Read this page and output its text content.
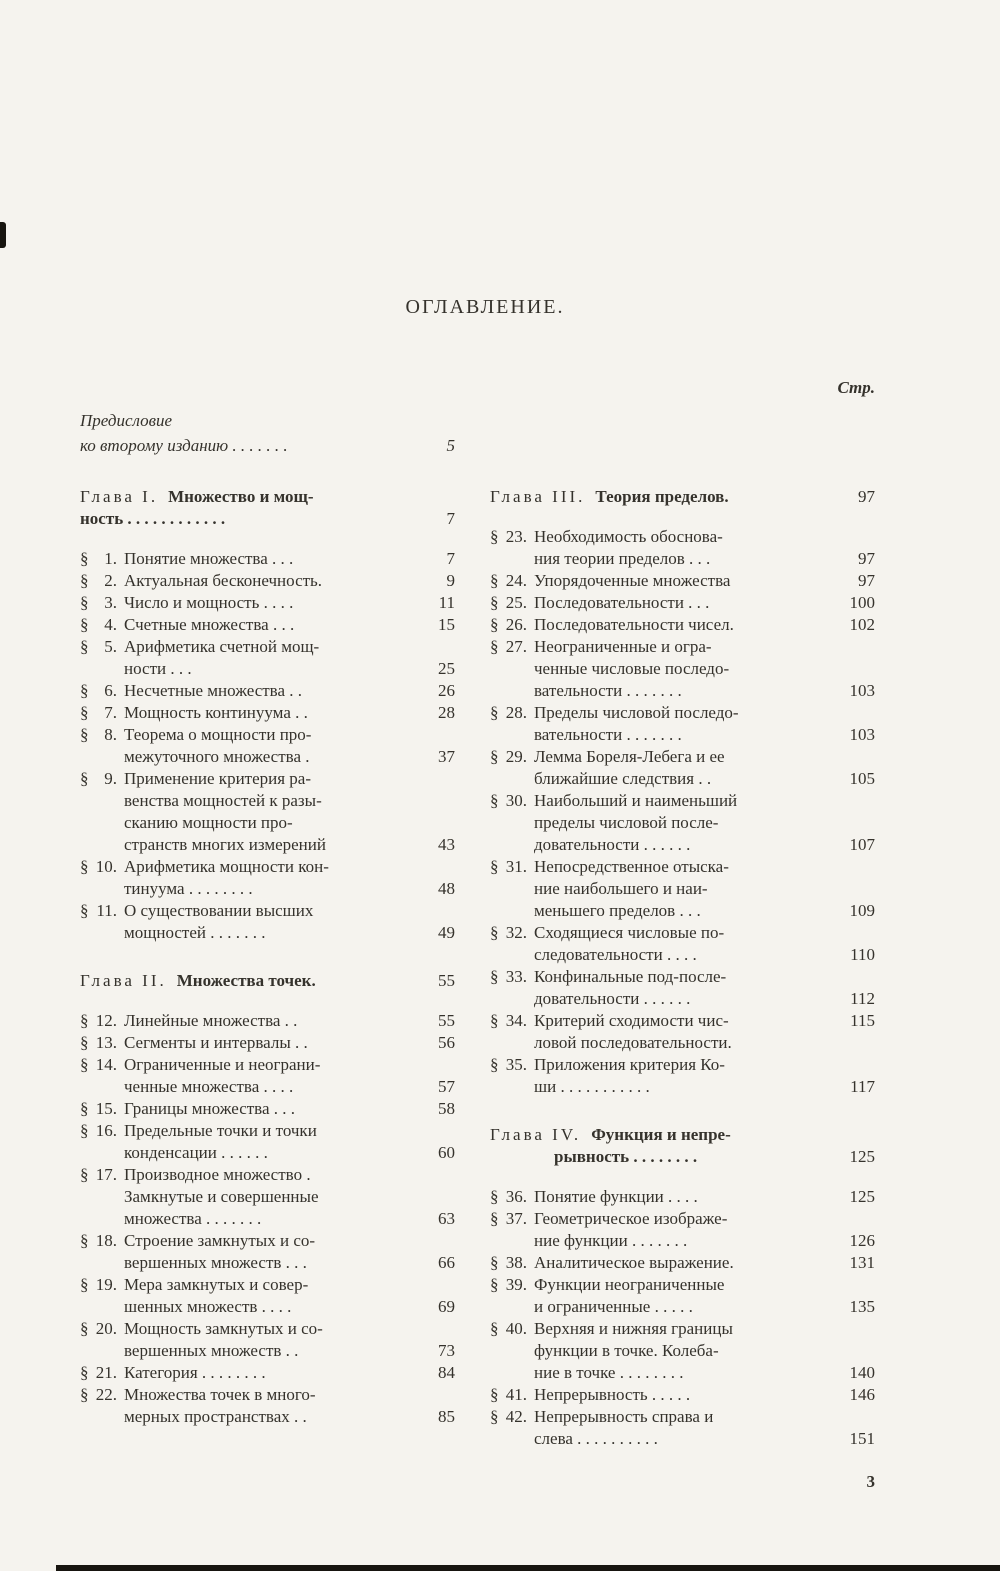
ОГЛАВЛЕНИЕ.
Стр.
Предисловие
ко второму изданию . . . . . . .	5
Глава I. Множество и мощ-
ность . . . . . . . . . . . .	7
§ 1. Понятие множества . . .	7
§ 2. Актуальная бесконечность.	9
§ 3. Число и мощность . . . .	11
§ 4. Счетные множества . . .	15
§ 5. Арифметика счетной мощ-
ности . . .	25
§ 6. Несчетные множества . .	26
§ 7. Мощность континуума . .	28
§ 8. Теорема о мощности про-
межуточного множества .	37
§ 9. Применение критерия ра-
венства мощностей к разы-
сканию мощности про-
странств многих измерений	43
§ 10. Арифметика мощности кон-
тинуума . . . . . . . .	48
§ 11. О существовании высших
мощностей . . . . . . .	49
Глава II. Множества точек.	55
§ 12. Линейные множества . .	55
§ 13. Сегменты и интервалы . .	56
§ 14. Ограниченные и неограни-
ченные множества . . . .	57
§ 15. Границы множества . . .	58
§ 16. Предельные точки и точки
конденсации . . . . . .	60
§ 17. Производное множество .
Замкнутые и совершенные
множества . . . . . . .	63
§ 18. Строение замкнутых и со-
вершенных множеств . . .	66
§ 19. Мера замкнутых и совер-
шенных множеств . . . .	69
§ 20. Мощность замкнутых и со-
вершенных множеств . .	73
§ 21. Категория . . . . . . . .	84
§ 22. Множества точек в много-
мерных пространствах . .	85
Глава III. Теория пределов.	97
§ 23. Необходимость обоснова-
ния теории пределов . . .	97
§ 24. Упорядоченные множества	97
§ 25. Последовательности . . .	100
§ 26. Последовательности чисел.	102
§ 27. Неограниченные и огра-
ченные числовые последо-
вательности . . . . . . .	103
§ 28. Пределы числовой последо-
вательности . . . . . . .	103
§ 29. Лемма Бореля-Лебега и ее
ближайшие следствия . .	105
§ 30. Наибольший и наименьший
пределы числовой после-
довательности . . . . . .	107
§ 31. Непосредственное отыска-
ние наибольшего и наи-
меньшего пределов . . .	109
§ 32. Сходящиеся числовые по-
следовательности . . . .	110
§ 33. Конфинальные под-после-
довательности . . . . . .	112
§ 34. Критерий сходимости чис-	115
ловой последовательности.
§ 35. Приложения критерия Ко-
ши . . . . . . . . . . .	117
Глава IV. Функция и непре-
рывность . . . . . . . .	125
§ 36. Понятие функции . . . .	125
§ 37. Геометрическое изображе-
ние функции . . . . . . .	126
§ 38. Аналитическое выражение.	131
§ 39. Функции неограниченные
и ограниченные . . . . .	135
§ 40. Верхняя и нижняя границы
функции в точке. Колеба-
ние в точке . . . . . . . .	140
§ 41. Непрерывность . . . . .	146
§ 42. Непрерывность справа и
слева . . . . . . . . . .	151
3
